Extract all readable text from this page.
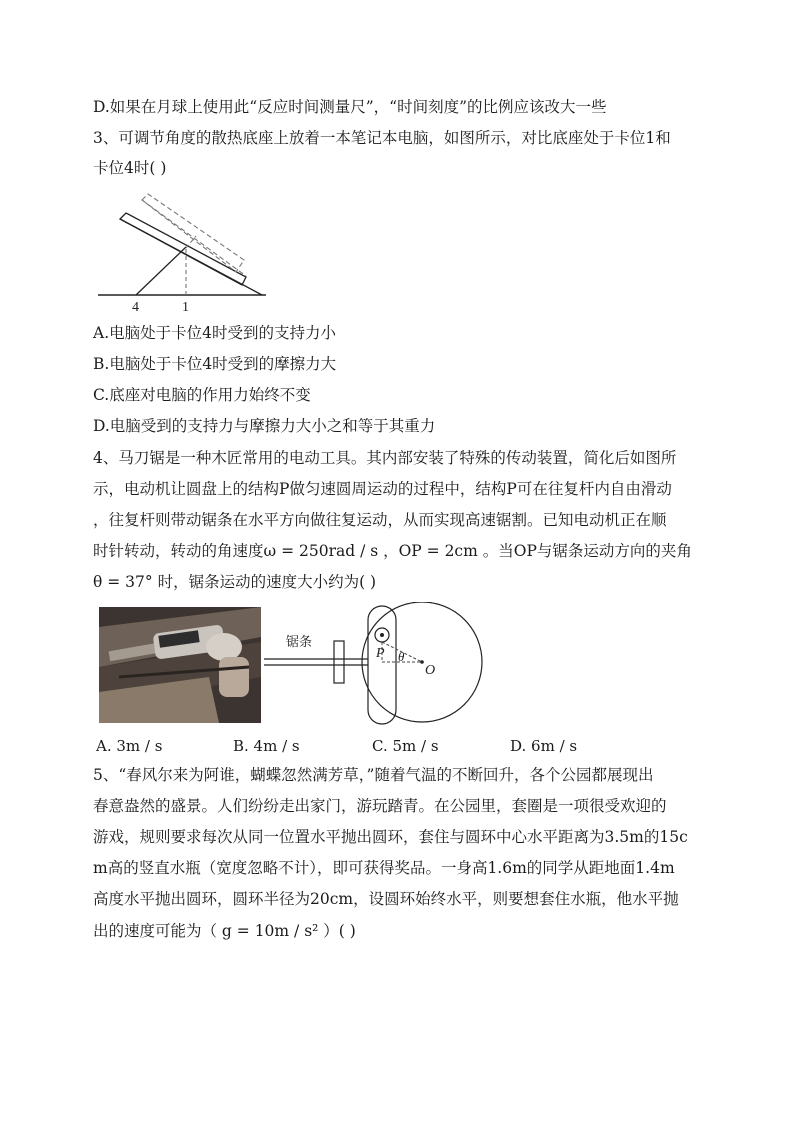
D.如果在月球上使用此“反应时间测量尺”，“时间刻度”的比例应该改大一些
3、可调节角度的散热底座上放着一本笔记本电脑，如图所示，对比底座处于卡位1和
卡位4时( )
4	1
A.电脑处于卡位4时受到的支持力小
B.电脑处于卡位4时受到的摩擦力大
C.底座对电脑的作用力始终不变
D.电脑受到的支持力与摩擦力大小之和等于其重力
4、马刀锯是一种木匠常用的电动工具。其内部安装了特殊的传动装置，简化后如图所
示，电动机让圆盘上的结构P做匀速圆周运动的过程中，结构P可在往复杆内自由滑动
，往复杆则带动锯条在水平方向做往复运动，从而实现高速锯割。已知电动机正在顺
时针转动，转动的角速度ω = 250rad / s ，OP = 2cm 。当OP与锯条运动方向的夹角
θ = 37° 时，锯条运动的速度大小约为( )
锯条
P θ
O
A. 3m / s	B. 4m / s	C. 5m / s	D. 6m / s
5、“春风尔来为阿谁，蝴蝶忽然满芳草，”随着气温的不断回升，各个公园都展现出
春意盎然的盛景。人们纷纷走出家门，游玩踏青。在公园里，套圈是一项很受欢迎的
游戏，规则要求每次从同一位置水平抛出圆环，套住与圆环中心水平距离为3.5m的15c
m高的竖直水瓶（宽度忽略不计），即可获得奖品。一身高1.6m的同学从距地面1.4m
高度水平抛出圆环，圆环半径为20cm，设圆环始终水平，则要想套住水瓶，他水平抛
出的速度可能为（ g = 10m / s² ）( )
